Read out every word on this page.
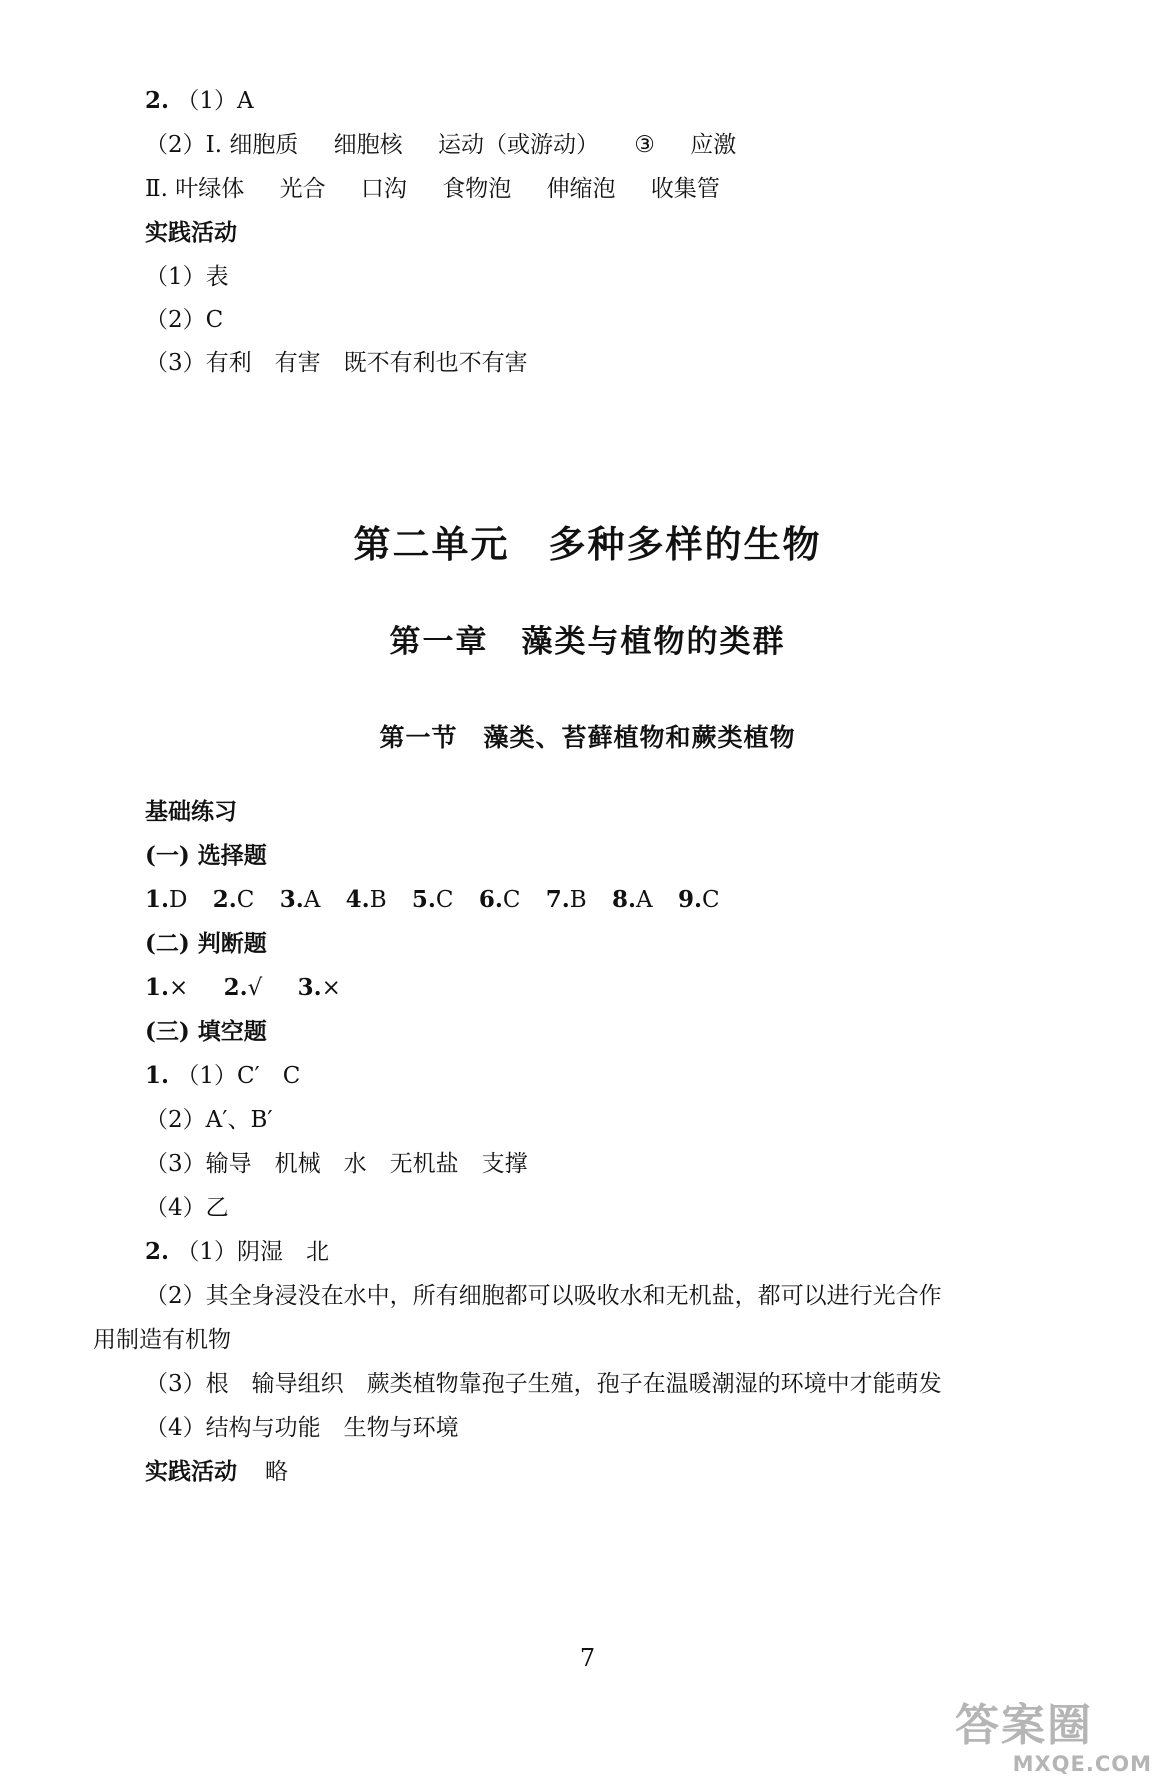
2. （1）A
（2）Ⅰ. 细胞质 细胞核 运动（或游动） ③ 应激
Ⅱ. 叶绿体 光合 口沟 食物泡 伸缩泡 收集管
实践活动
（1）表
（2）C
（3）有利　有害　既不有利也不有害
第二单元　多种多样的生物
第一章　藻类与植物的类群
第一节　藻类、苔藓植物和蕨类植物
基础练习
(一) 选择题
1.D 2.C 3.A 4.B 5.C 6.C 7.B 8.A 9.C
(二) 判断题
1.× 2.√ 3.×
(三) 填空题
1. （1）C′　C
（2）A′、B′
（3）输导　机械　水　无机盐　支撑
（4）乙
2. （1）阴湿　北
（2）其全身浸没在水中，所有细胞都可以吸收水和无机盐，都可以进行光合作
用制造有机物
（3）根　输导组织　蕨类植物靠孢子生殖，孢子在温暖潮湿的环境中才能萌发
（4）结构与功能　生物与环境
实践活动 略
7
答案圈
MXQE.COM
